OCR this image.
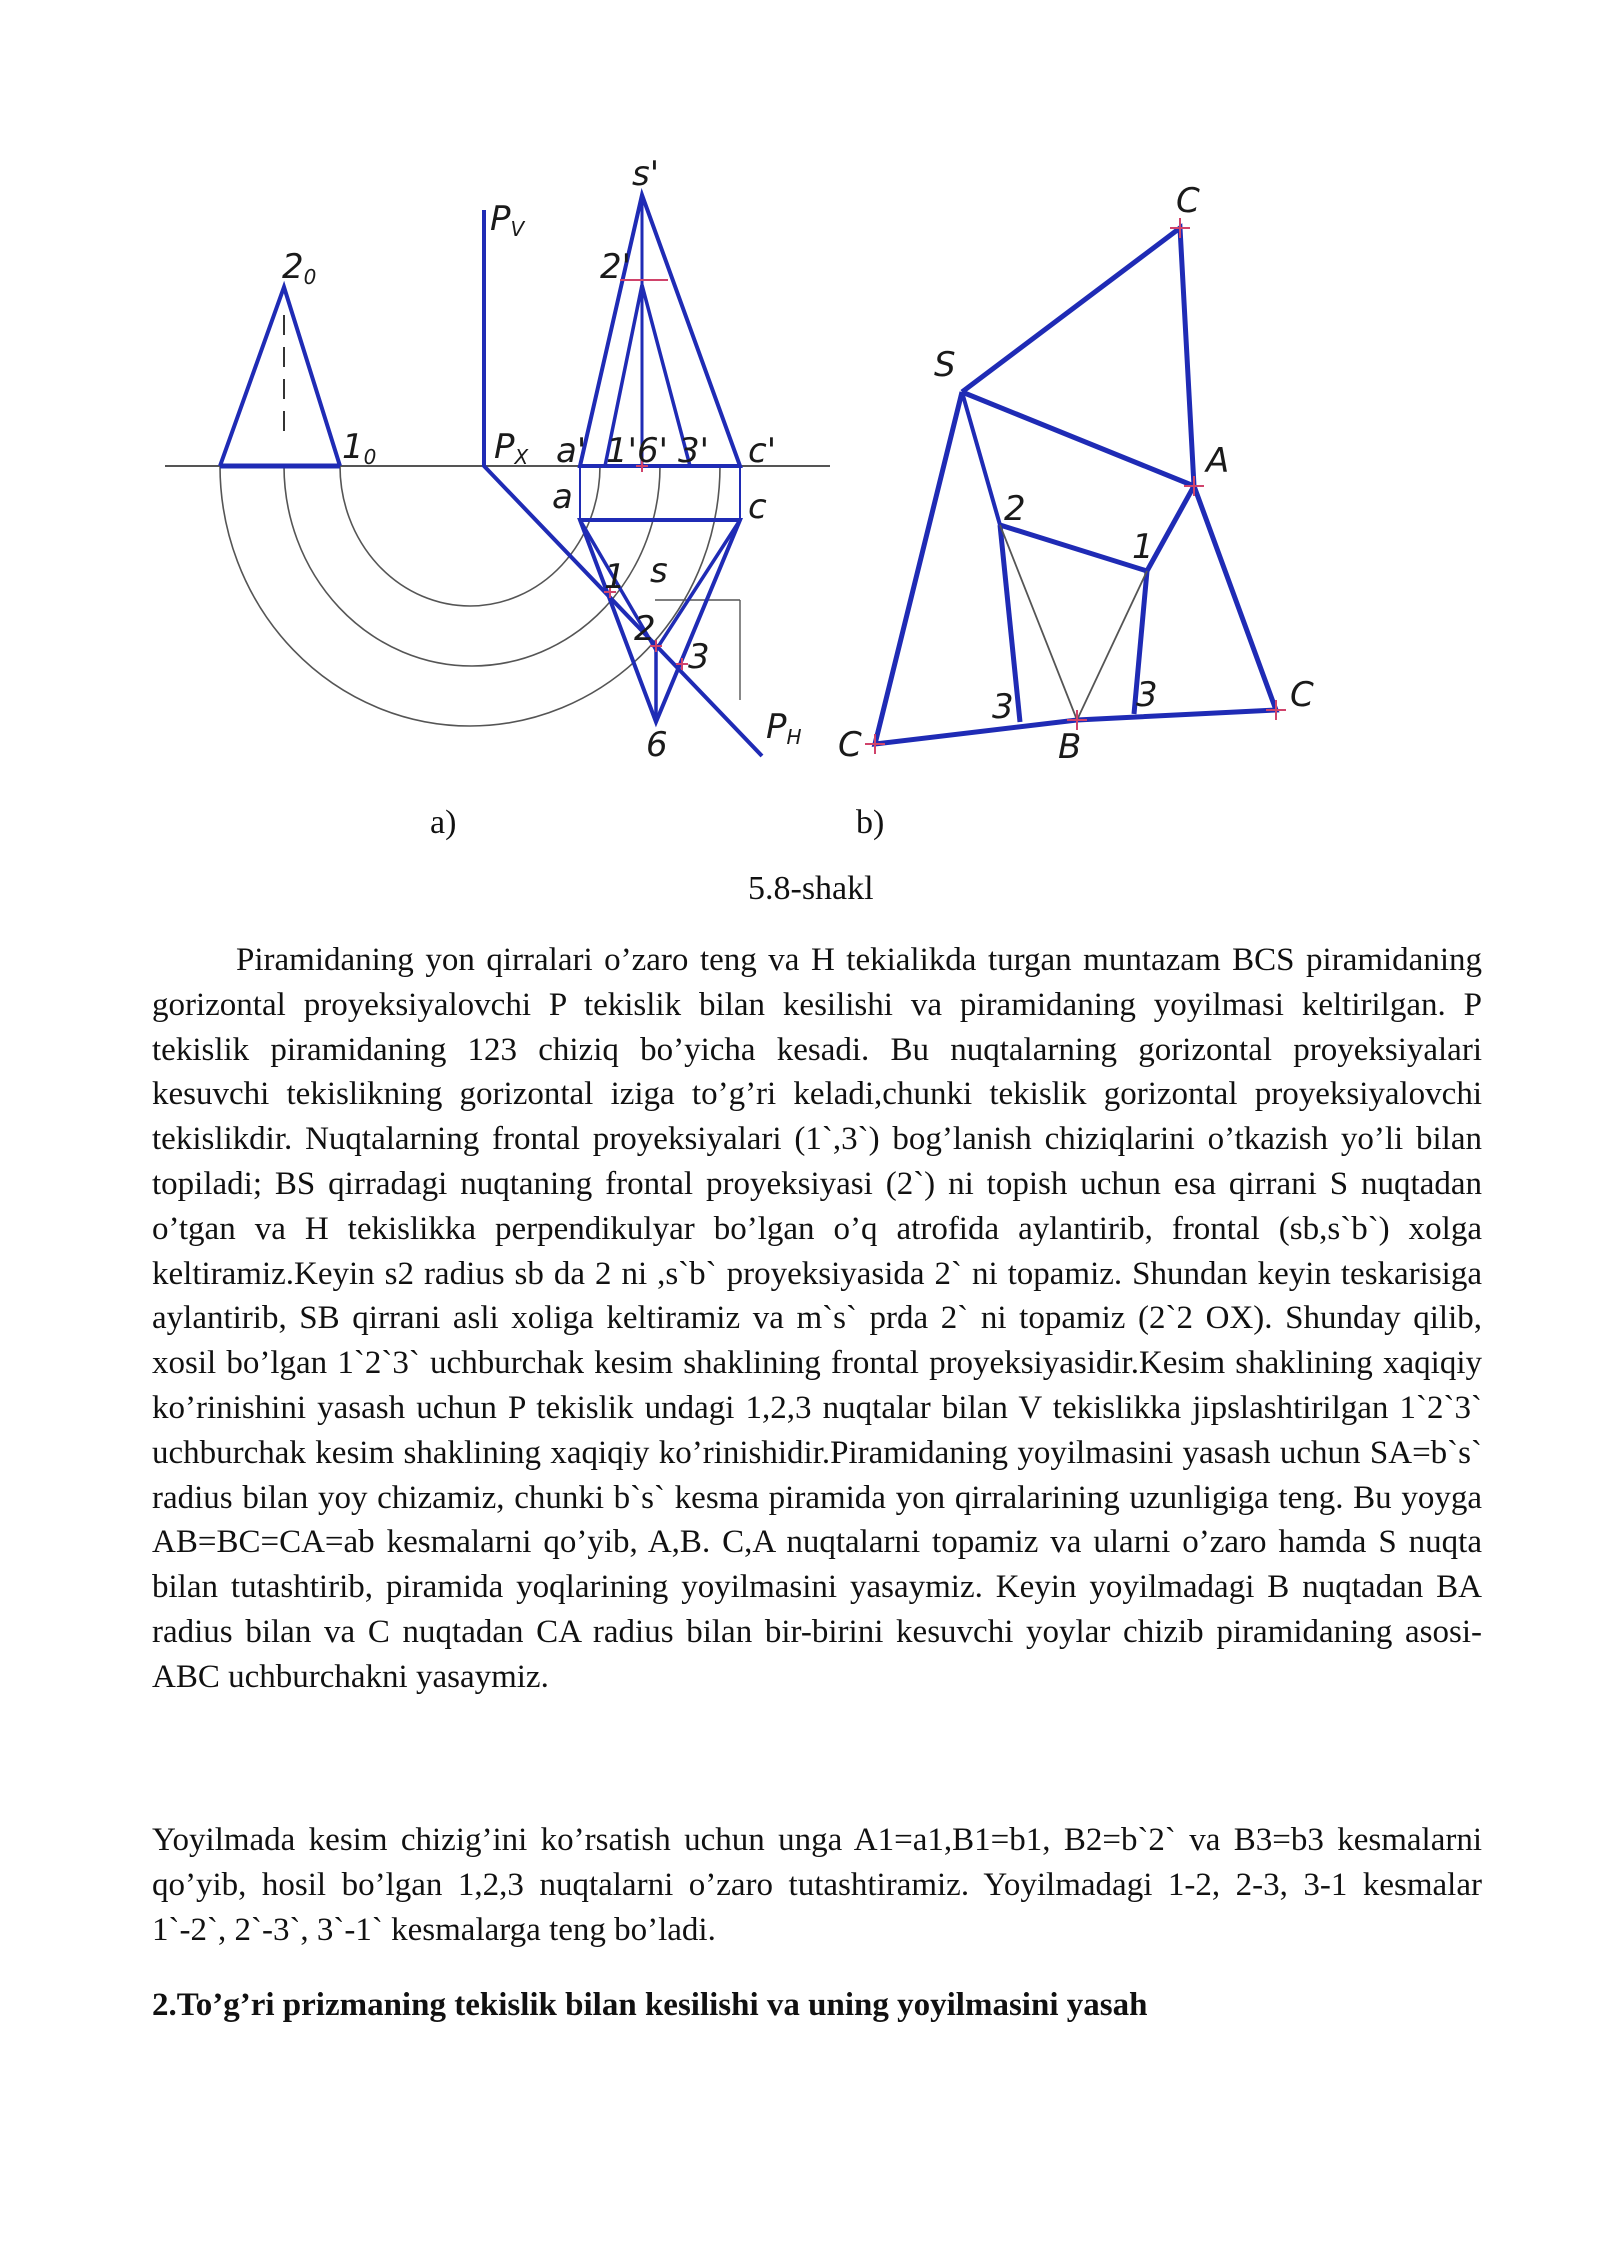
s'
PV
20
10	PX
2'
a' 1'6' 3' c'
a	c
s
1
2
3
6	PH
C
S
A
2
1
3	3
B
C
C
a)	b)
5.8-shakl

Piramidaning yon qirralari o’zaro teng va H tekialikda turgan muntazam BCS piramidaning gorizontal proyeksiyalovchi P tekislik bilan kesilishi va piramidaning yoyilmasi keltirilgan. P tekislik piramidaning 123 chiziq bo’yicha kesadi. Bu nuqtalarning gorizontal proyeksiyalari kesuvchi tekislikning gorizontal iziga to’g’ri keladi,chunki tekislik gorizontal proyeksiyalovchi tekislikdir. Nuqtalarning frontal proyeksiyalari (1`,3`) bog’lanish chiziqlarini o’tkazish yo’li bilan topiladi; BS qirradagi nuqtaning frontal proyeksiyasi (2`) ni topish uchun esa qirrani S nuqtadan o’tgan va H tekislikka perpendikulyar bo’lgan o’q atrofida aylantirib, frontal (sb,s`b`) xolga keltiramiz.Keyin s2 radius sb da 2 ni ,s`b` proyeksiyasida 2` ni topamiz. Shundan keyin teskarisiga aylantirib, SB qirrani asli xoliga keltiramiz va m`s` prda 2` ni topamiz (2`2 OX). Shunday qilib, xosil bo’lgan 1`2`3` uchburchak kesim shaklining frontal proyeksiyasidir.Kesim shaklining xaqiqiy ko’rinishini yasash uchun P tekislik undagi 1,2,3 nuqtalar bilan V tekislikka jipslashtirilgan 1`2`3` uchburchak kesim shaklining xaqiqiy ko’rinishidir.Piramidaning yoyilmasini yasash uchun SA=b`s` radius bilan yoy chizamiz, chunki b`s` kesma piramida yon qirralarining uzunligiga teng. Bu yoyga AB=BC=CA=ab kesmalarni qo’yib, A,B. C,A nuqtalarni topamiz va ularni o’zaro hamda S nuqta bilan tutashtirib, piramida yoqlarining yoyilmasini yasaymiz. Keyin yoyilmadagi B nuqtadan BA radius bilan va C nuqtadan CA radius bilan bir-birini kesuvchi yoylar chizib piramidaning asosi- ABC uchburchakni yasaymiz.

Yoyilmada kesim chizig’ini ko’rsatish uchun unga A1=a1,B1=b1, B2=b`2` va B3=b3 kesmalarni qo’yib, hosil bo’lgan 1,2,3 nuqtalarni o’zaro tutashtiramiz. Yoyilmadagi 1-2, 2-3, 3-1 kesmalar 1`-2`, 2`-3`, 3`-1` kesmalarga teng bo’ladi.

2.To’g’ri prizmaning tekislik bilan kesilishi va uning yoyilmasini yasah
